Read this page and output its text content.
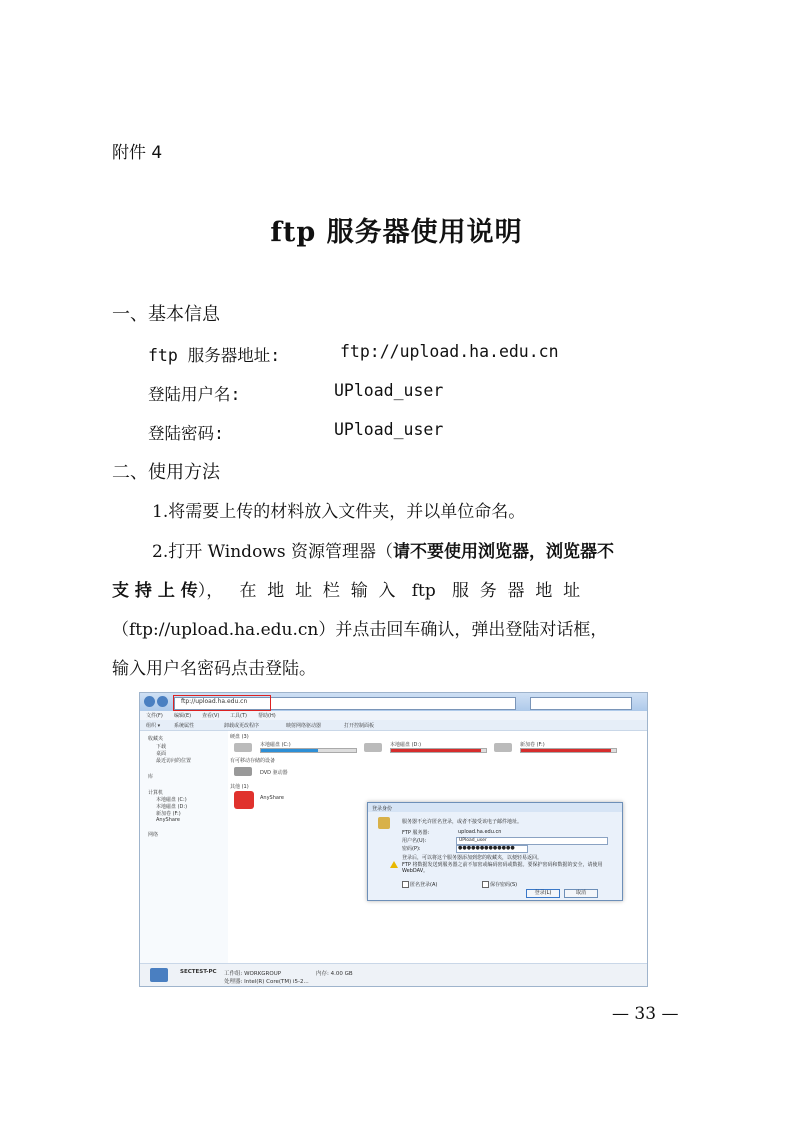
附件 4
ftp 服务器使用说明
一、基本信息
ftp 服务器地址:	ftp://upload.ha.edu.cn
登陆用户名:	UPload_user
登陆密码:	UPload_user
二、使用方法
1.将需要上传的材料放入文件夹，并以单位命名。
2.打开 Windows 资源管理器（请不要使用浏览器，浏览器不
支 持 上 传），   在  地  址  栏  输  入   ftp   服  务  器  地  址
（ftp://upload.ha.edu.cn）并点击回车确认，弹出登陆对话框，
输入用户名密码点击登陆。
ftp://upload.ha.edu.cn
文件(F) 编辑(E) 查看(V) 工具(T) 帮助(H)
组织 ▾	系统属性	卸载或更改程序	映射网络驱动器	打开控制面板
收藏夹
下载
桌面
最近访问的位置
库
计算机
本地磁盘 (C:)
本地磁盘 (D:)
新加卷 (F:)
AnyShare
网络
硬盘 (3)
本地磁盘 (C:)	本地磁盘 (D:)	新加卷 (F:)
有可移动存储的设备
DVD 驱动器
其他 (1)
AnyShare
登录身份
服务器不允许匿名登录，或者不接受该电子邮件地址。
FTP 服务器:	upload.ha.edu.cn
用户名(U):	UPload_user
密码(P):	●●●●●●●●●●●●●
登录后，可以将这个服务器添加到您的收藏夹，以便轻易返回。
FTP 将数据发送到服务器之前不加密或编码密码或数据。要保护密码和数据的安全，请使用 WebDAV。
匿名登录(A)	保存密码(S)
登录(L)	取消
SECTEST-PC 工作组: WORKGROUP	内存: 4.00 GB
处理器: Intel(R) Core(TM) i5-2...
— 33 —
